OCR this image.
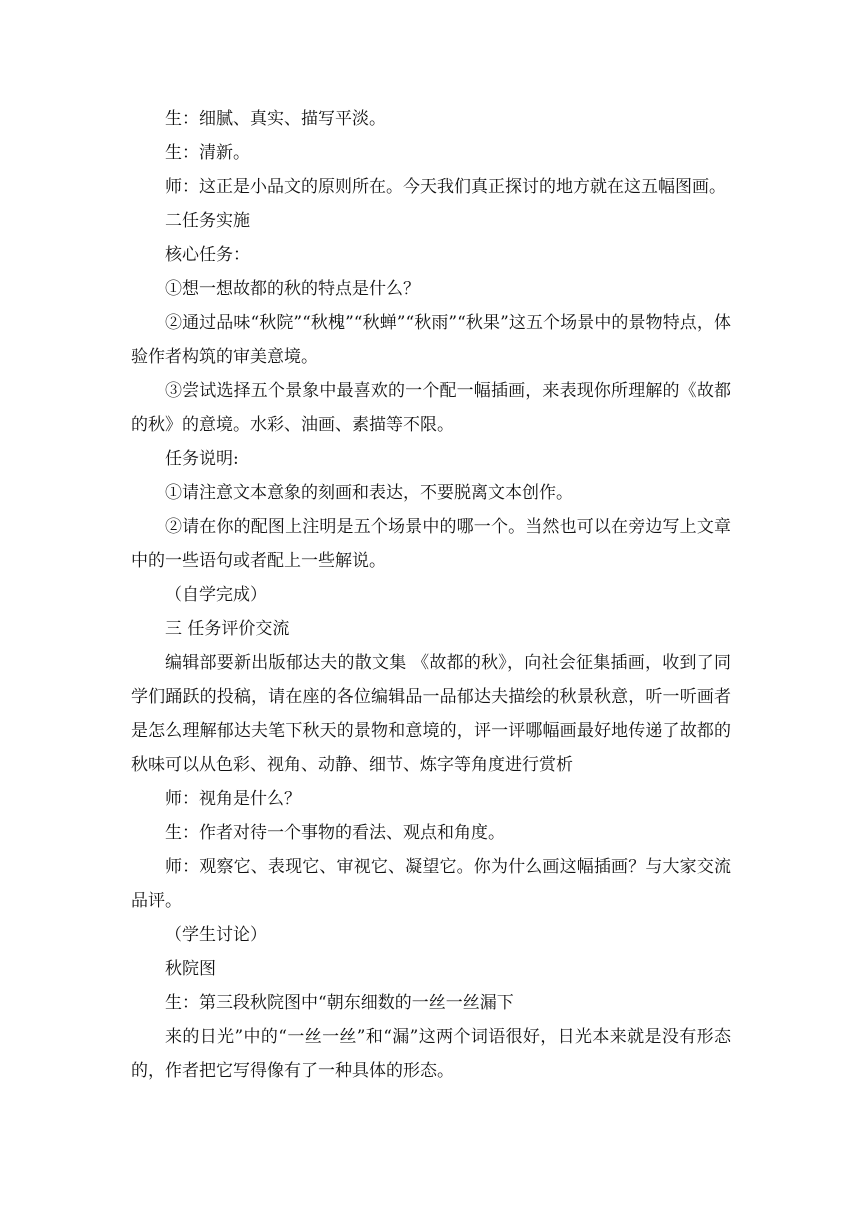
生：细腻、真实、描写平淡。

生：清新。

师：这正是小品文的原则所在。今天我们真正探讨的地方就在这五幅图画。

二任务实施

核心任务：

①想一想故都的秋的特点是什么？

②通过品味“秋院”“秋槐”“秋蝉”“秋雨”“秋果”这五个场景中的景物特点，体验作者构筑的审美意境。

③尝试选择五个景象中最喜欢的一个配一幅插画，来表现你所理解的《故都的秋》的意境。水彩、油画、素描等不限。

任务说明:

①请注意文本意象的刻画和表达，不要脱离文本创作。

②请在你的配图上注明是五个场景中的哪一个。当然也可以在旁边写上文章中的一些语句或者配上一些解说。

（自学完成）

三 任务评价交流

编辑部要新出版郁达夫的散文集 《故都的秋》，向社会征集插画，收到了同学们踊跃的投稿，请在座的各位编辑品一品郁达夫描绘的秋景秋意，听一听画者是怎么理解郁达夫笔下秋天的景物和意境的，评一评哪幅画最好地传递了故都的秋味可以从色彩、视角、动静、细节、炼字等角度进行赏析

师：视角是什么？

生：作者对待一个事物的看法、观点和角度。

师：观察它、表现它、审视它、凝望它。你为什么画这幅插画？与大家交流品评。

（学生讨论）

秋院图

生：第三段秋院图中“朝东细数的一丝一丝漏下

来的日光”中的“一丝一丝”和“漏”这两个词语很好，日光本来就是没有形态的，作者把它写得像有了一种具体的形态。
